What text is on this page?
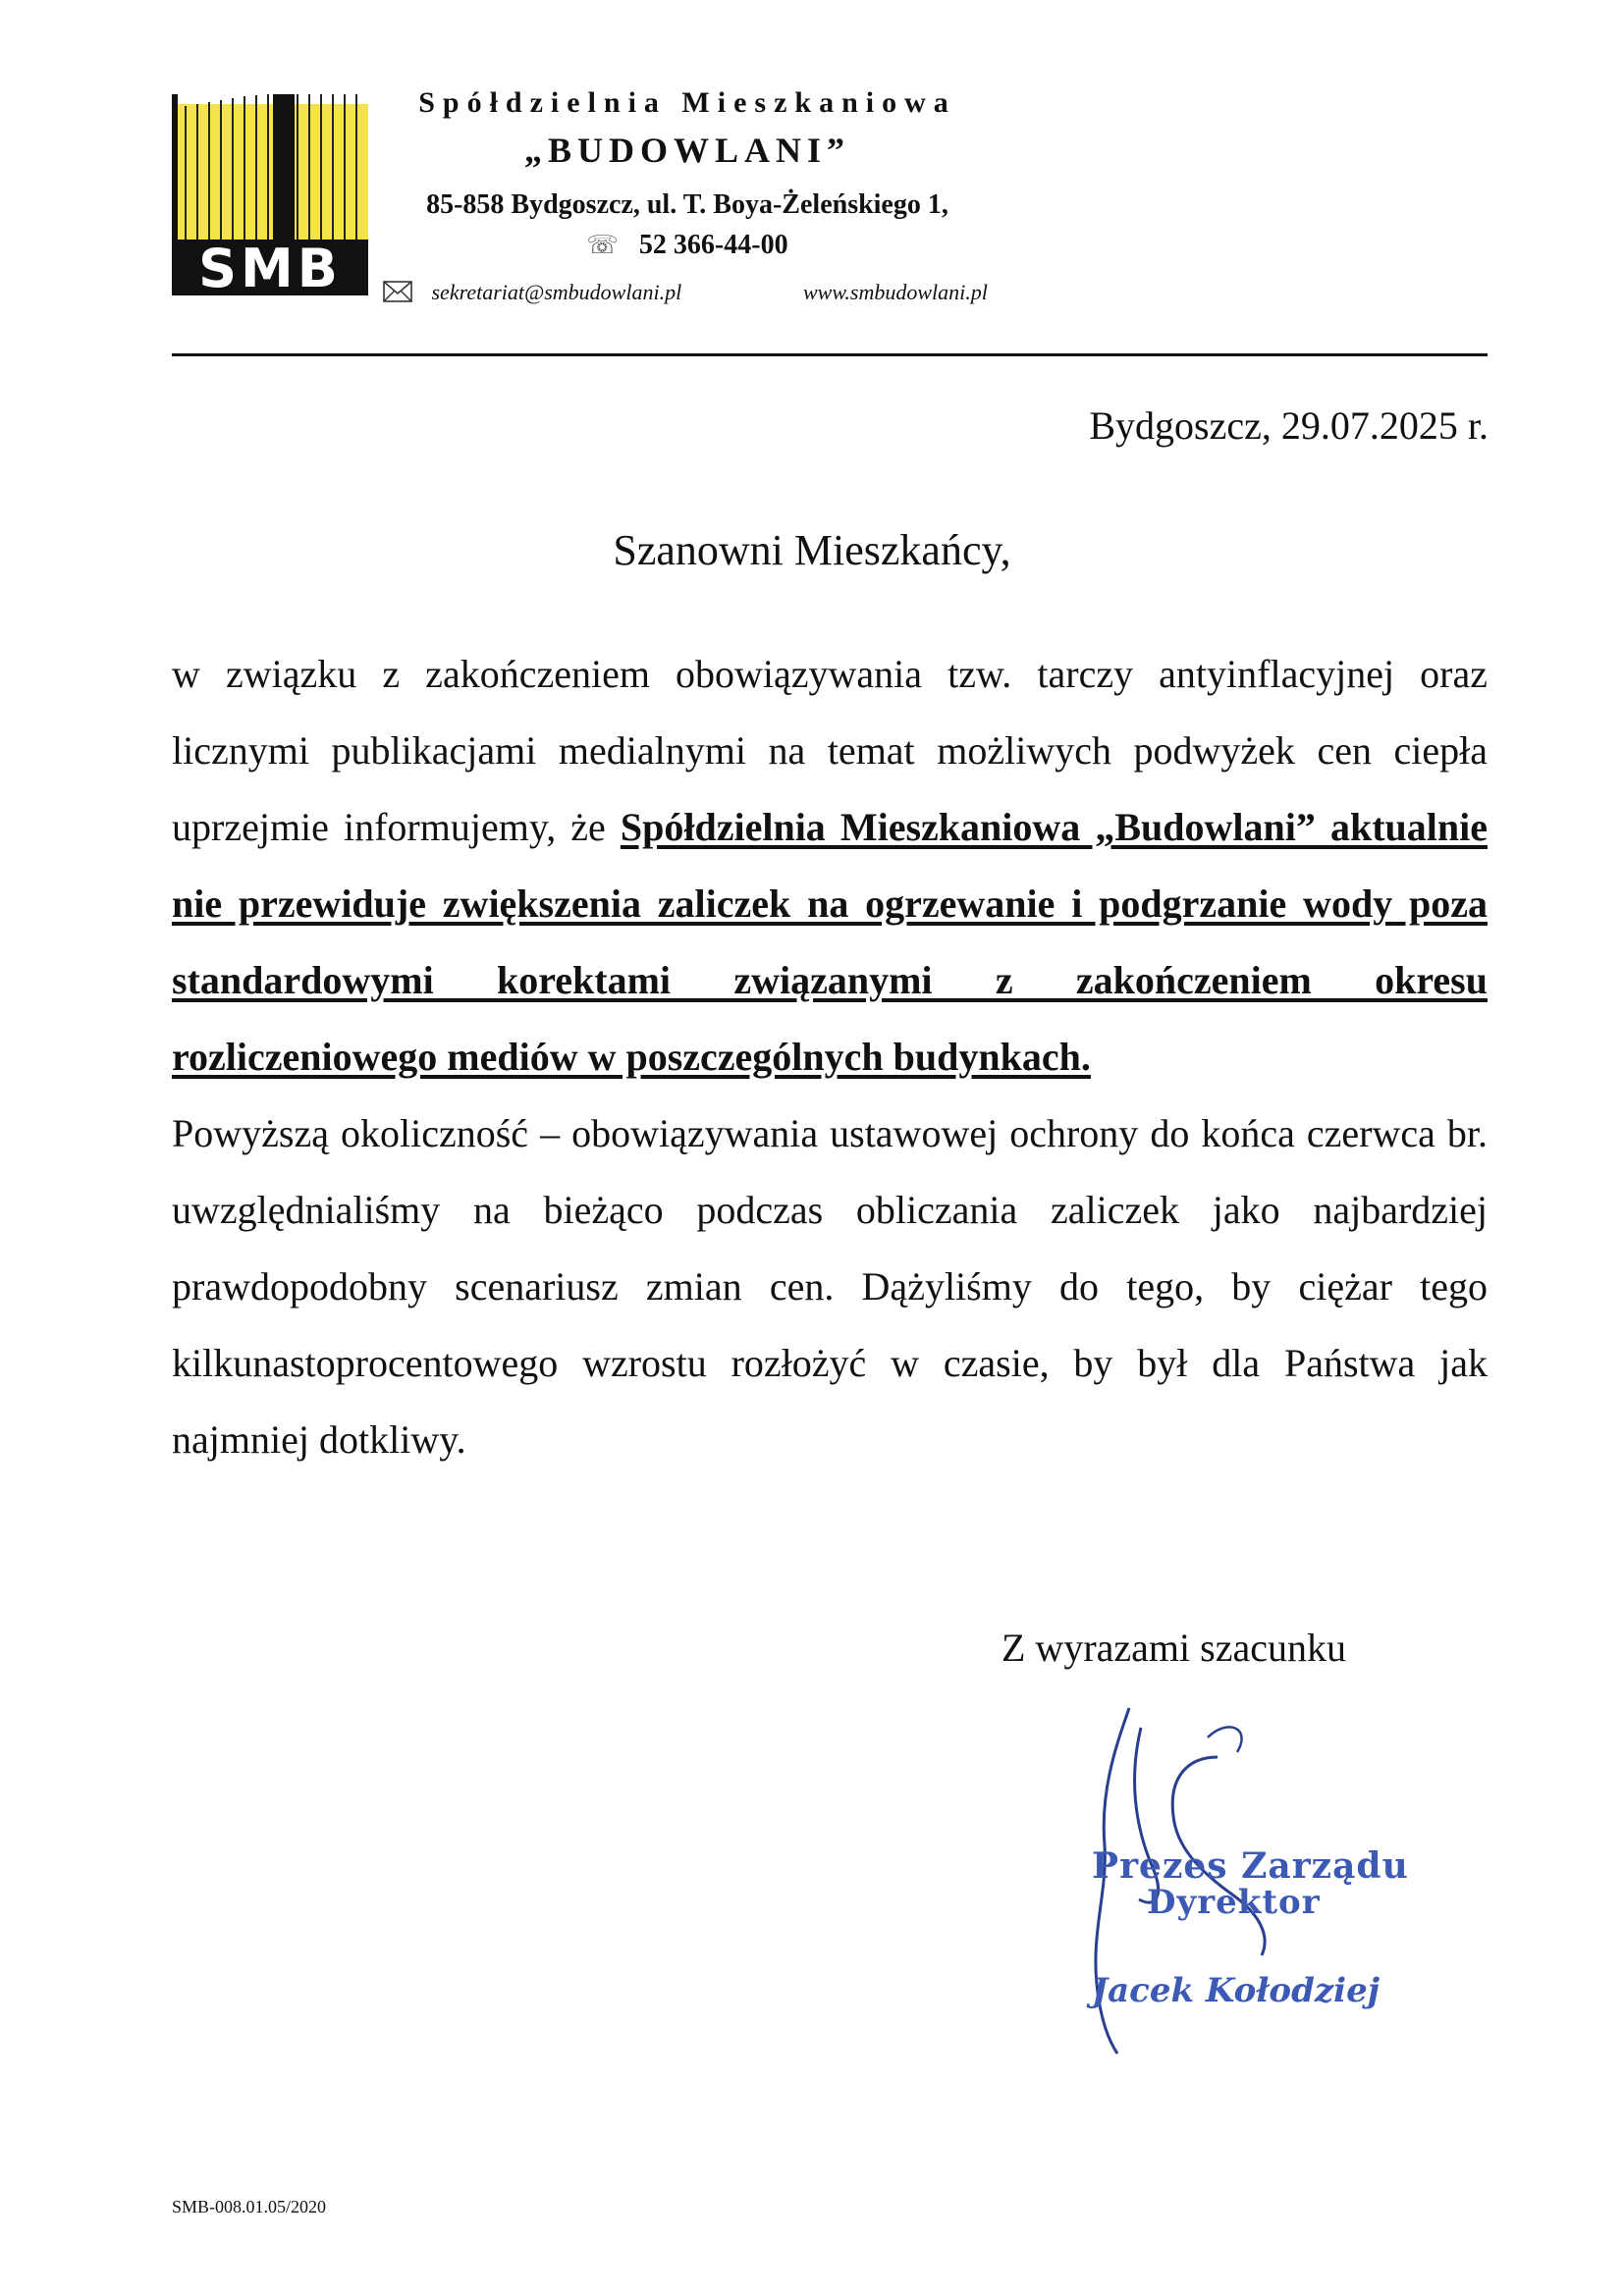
SMB
Spółdzielnia Mieszkaniowa
„BUDOWLANI”
85-858 Bydgoszcz, ul. T. Boya-Żeleńskiego 1,
☏ 52 366-44-00
sekretariat@smbudowlani.pl	www.smbudowlani.pl
Bydgoszcz, 29.07.2025 r.
Szanowni Mieszkańcy,

w związku z zakończeniem obowiązywania tzw. tarczy antyinflacyjnej oraz licznymi publikacjami medialnymi na temat możliwych podwyżek cen ciepła uprzejmie informujemy, że Spółdzielnia Mieszkaniowa „Budowlani” aktualnie nie przewiduje zwiększenia zaliczek na ogrzewanie i podgrzanie wody poza standardowymi korektami związanymi z zakończeniem okresu rozliczeniowego mediów w poszczególnych budynkach.

Powyższą okoliczność – obowiązywania ustawowej ochrony do końca czerwca br. uwzględnialiśmy na bieżąco podczas obliczania zaliczek jako najbardziej prawdopodobny scenariusz zmian cen. Dążyliśmy do tego, by ciężar tego kilkunastoprocentowego wzrostu rozłożyć w czasie, by był dla Państwa jak najmniej dotkliwy.

Z wyrazami szacunku
Prezes Zarządu
Dyrektor
Jacek Kołodziej
SMB-008.01.05/2020
